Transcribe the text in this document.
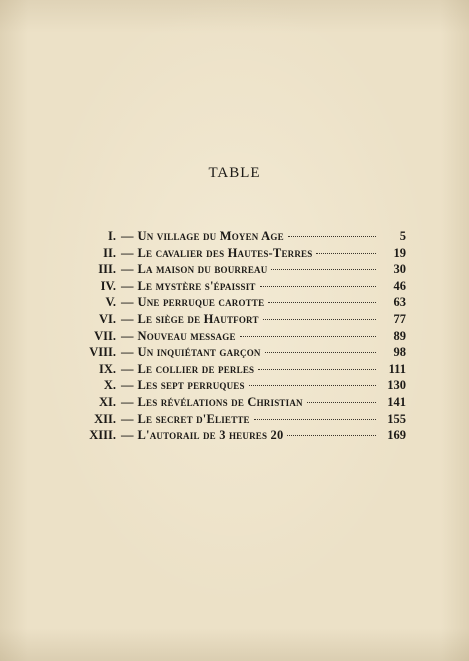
TABLE
I. — Un village du Moyen Age	5
II. — Le cavalier des Hautes-Terres	19
III. — La maison du bourreau	30
IV. — Le mystère s'épaissit	46
V. — Une perruque carotte	63
VI. — Le siège de Hautfort	77
VII. — Nouveau message	89
VIII. — Un inquiétant garçon	98
IX. — Le collier de perles	111
X. — Les sept perruques	130
XI. — Les révélations de Christian	141
XII. — Le secret d'Eliette	155
XIII. — L'autorail de 3 heures 20	169
